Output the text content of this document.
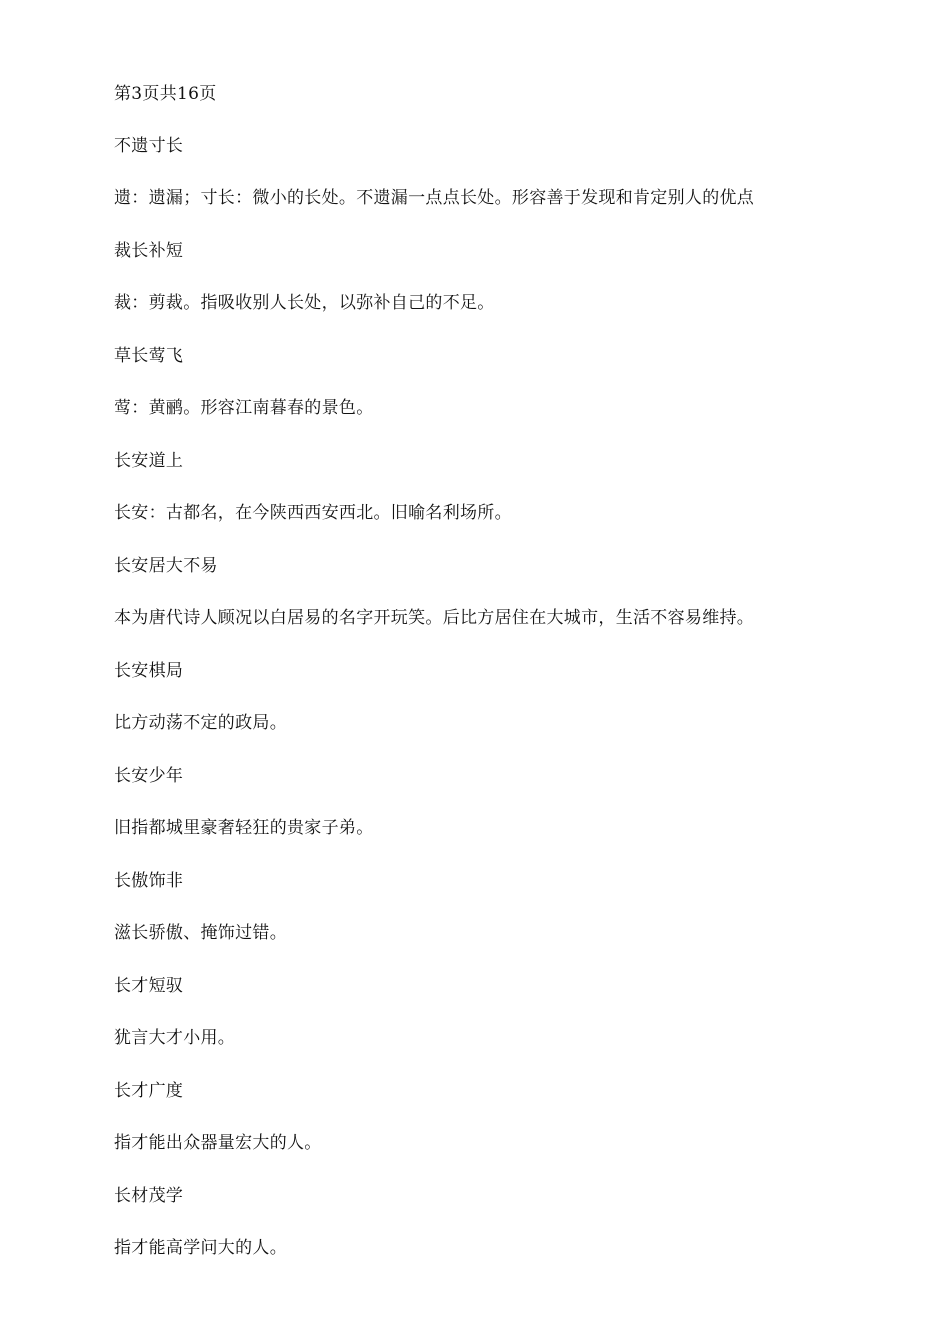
第3页共16页
不遗寸长
遗：遗漏；寸长：微小的长处。不遗漏一点点长处。形容善于发现和肯定别人的优点
裁长补短
裁：剪裁。指吸收别人长处，以弥补自己的不足。
草长莺飞
莺：黄鹂。形容江南暮春的景色。
长安道上
长安：古都名，在今陕西西安西北。旧喻名利场所。
长安居大不易
本为唐代诗人顾况以白居易的名字开玩笑。后比方居住在大城市，生活不容易维持。
长安棋局
比方动荡不定的政局。
长安少年
旧指都城里豪奢轻狂的贵家子弟。
长傲饰非
滋长骄傲、掩饰过错。
长才短驭
犹言大才小用。
长才广度
指才能出众器量宏大的人。
长材茂学
指才能高学问大的人。
